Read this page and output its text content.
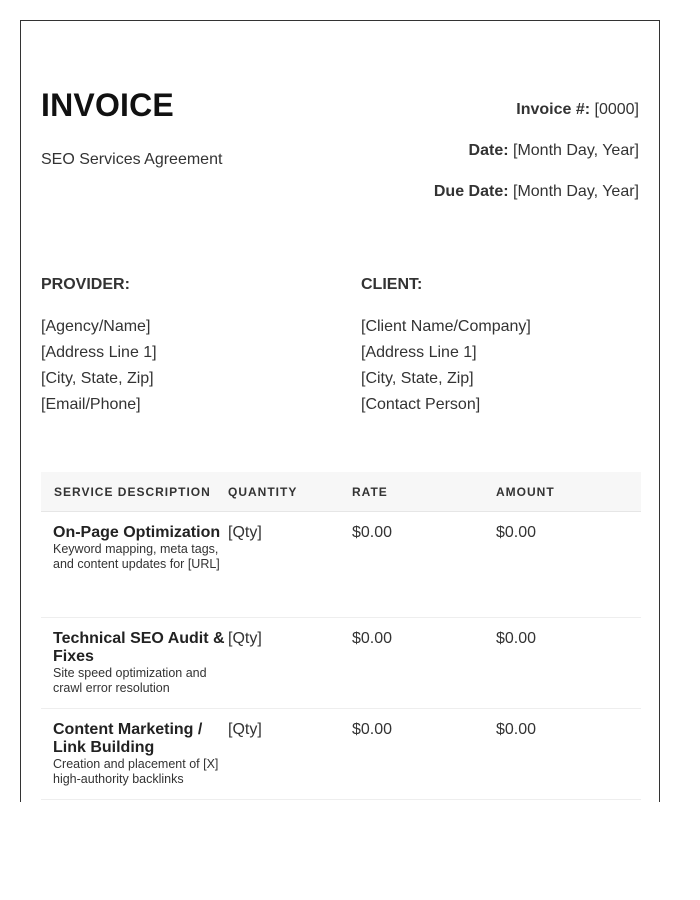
INVOICE
SEO Services Agreement
Invoice #: [0000]
Date: [Month Day, Year]
Due Date: [Month Day, Year]
PROVIDER:
[Agency/Name]
[Address Line 1]
[City, State, Zip]
[Email/Phone]
CLIENT:
[Client Name/Company]
[Address Line 1]
[City, State, Zip]
[Contact Person]
SERVICE DESCRIPTION	QUANTITY	RATE	AMOUNT
On-Page Optimization
Keyword mapping, meta tags, and content updates for [URL]
[Qty]	$0.00	$0.00
Technical SEO Audit & Fixes
Site speed optimization and crawl error resolution
[Qty]	$0.00	$0.00
Content Marketing / Link Building
Creation and placement of [X] high-authority backlinks
[Qty]	$0.00	$0.00
